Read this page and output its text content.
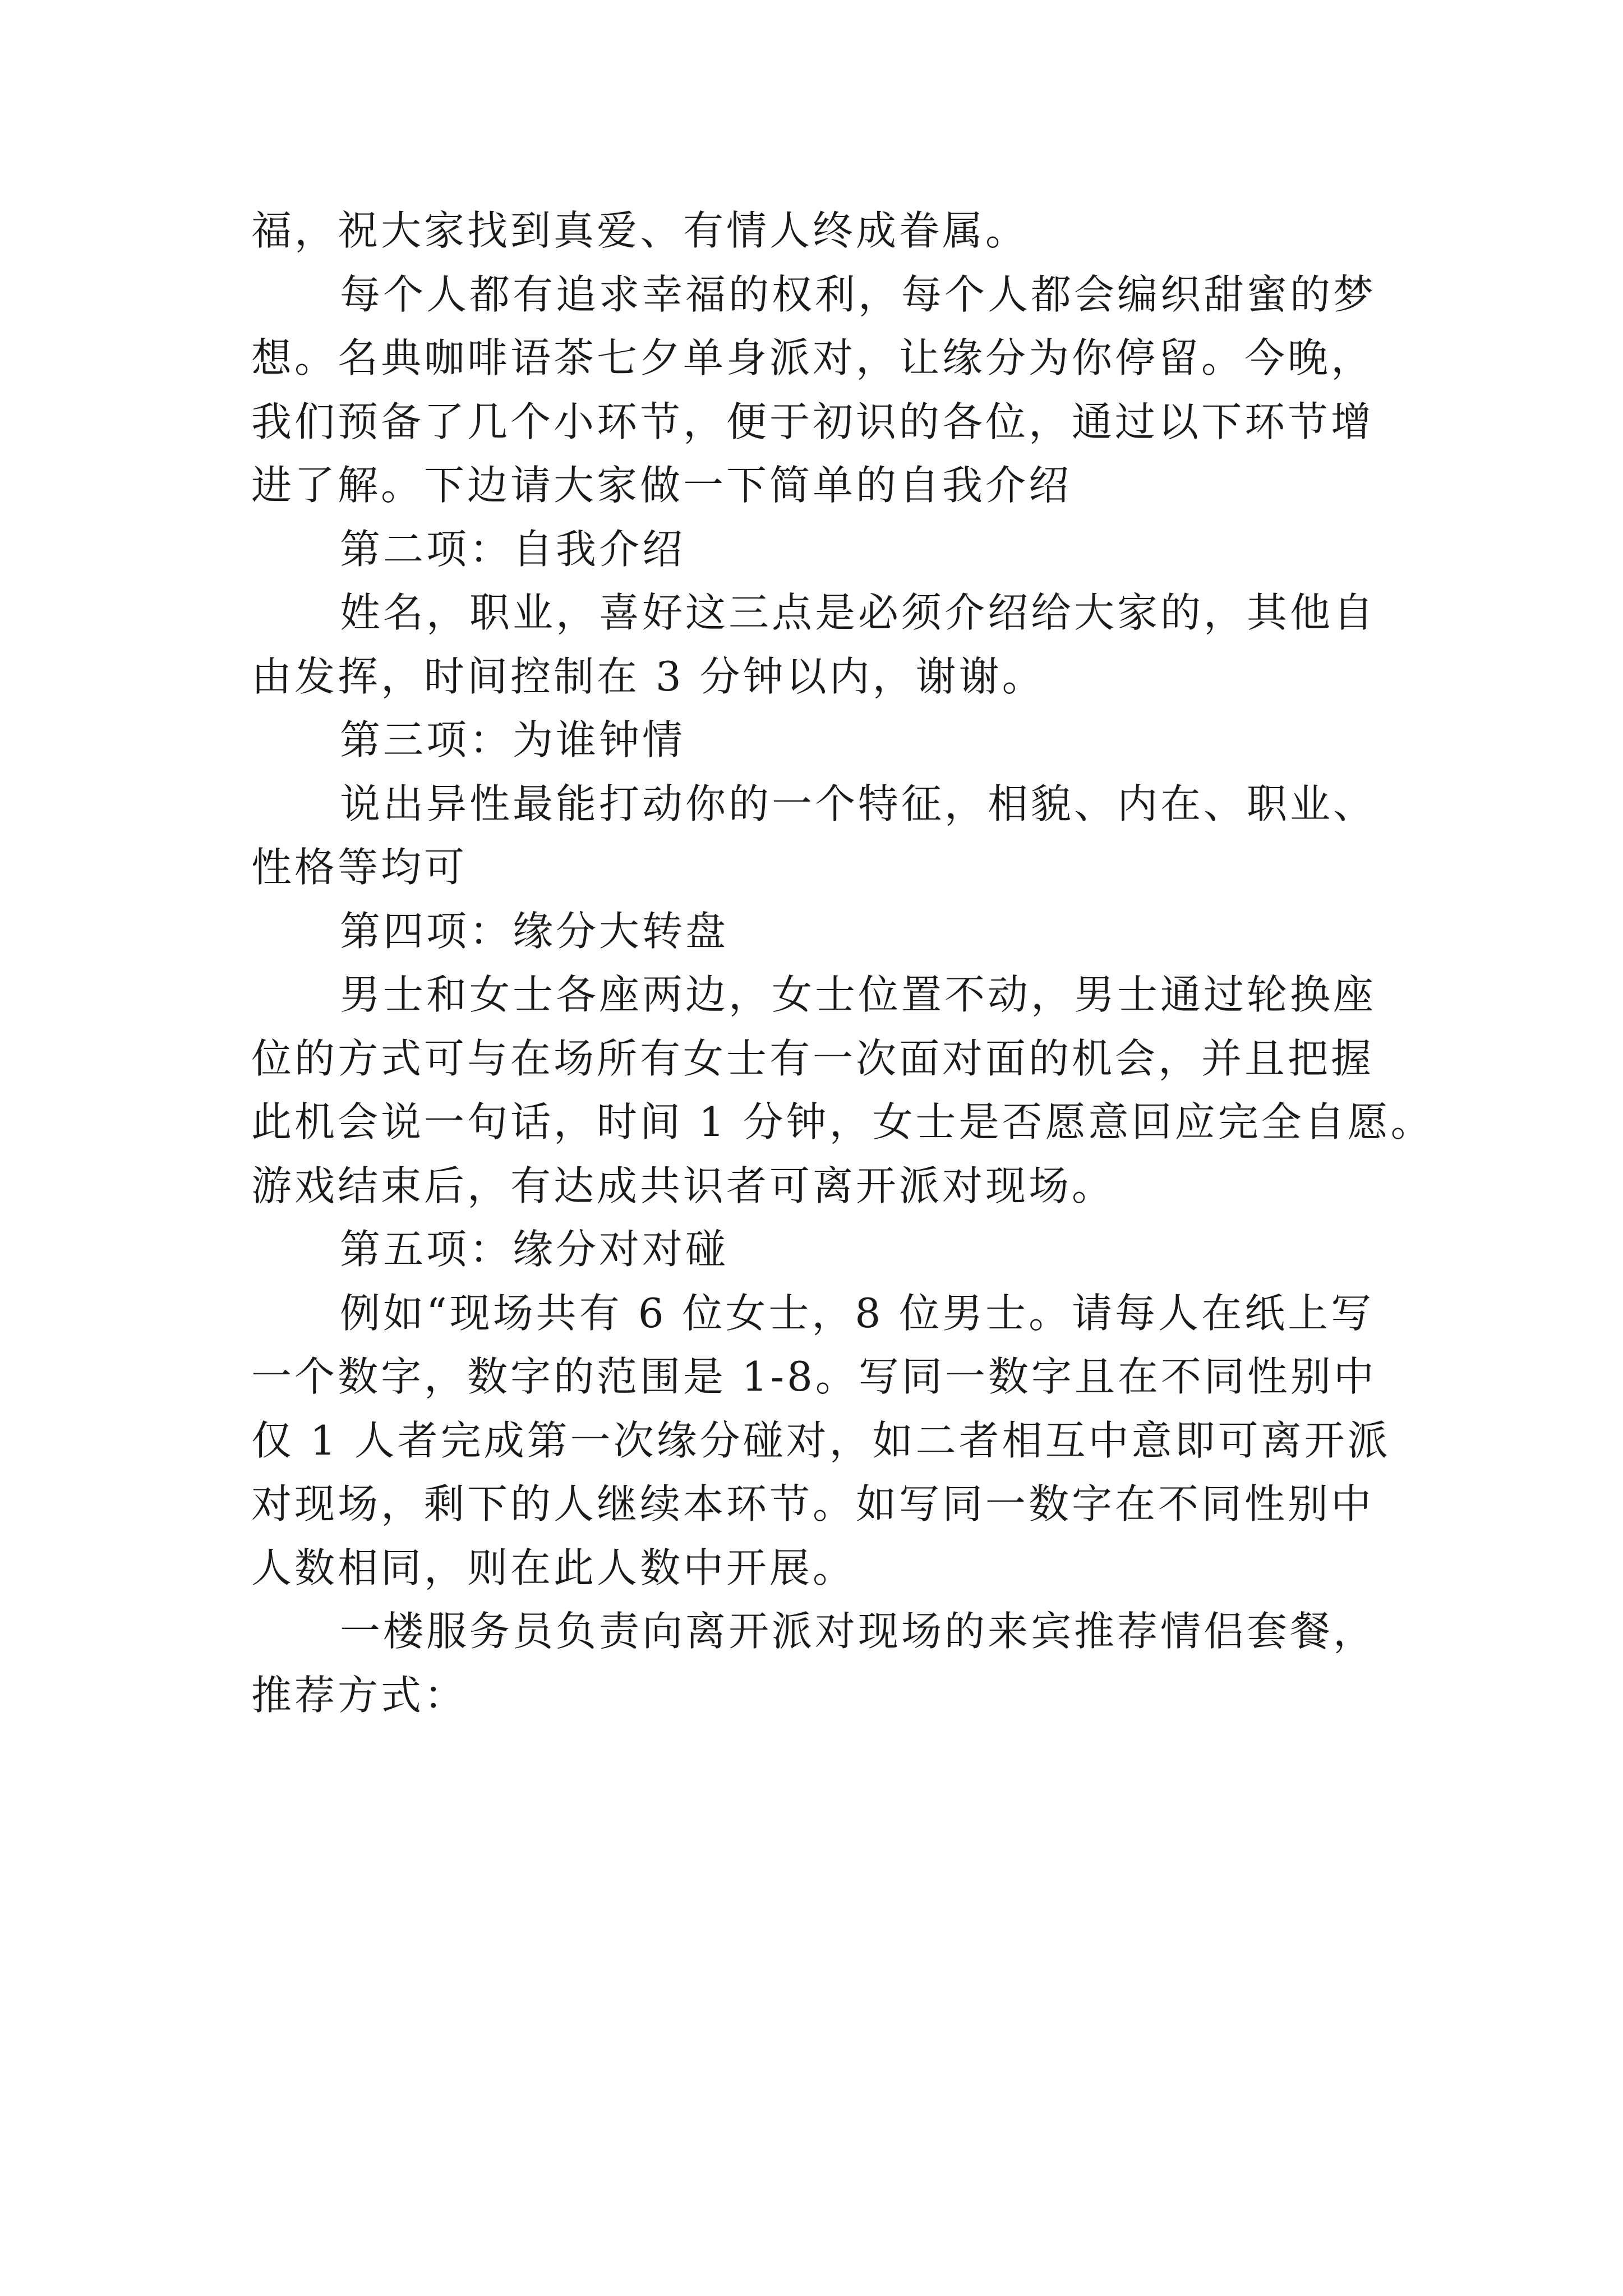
福，祝大家找到真爱、有情人终成眷属。
每个人都有追求幸福的权利，每个人都会编织甜蜜的梦
想。名典咖啡语茶七夕单身派对，让缘分为你停留。今晚，
我们预备了几个小环节，便于初识的各位，通过以下环节增
进了解。下边请大家做一下简单的自我介绍
第二项：自我介绍
姓名，职业，喜好这三点是必须介绍给大家的，其他自
由发挥，时间控制在 3 分钟以内，谢谢。
第三项：为谁钟情
说出异性最能打动你的一个特征，相貌、内在、职业、
性格等均可
第四项：缘分大转盘
男士和女士各座两边，女士位置不动，男士通过轮换座
位的方式可与在场所有女士有一次面对面的机会，并且把握
此机会说一句话，时间 1 分钟，女士是否愿意回应完全自愿。
游戏结束后，有达成共识者可离开派对现场。
第五项：缘分对对碰
例如“现场共有 6 位女士，8 位男士。请每人在纸上写
一个数字，数字的范围是 1-8。写同一数字且在不同性别中
仅 1 人者完成第一次缘分碰对，如二者相互中意即可离开派
对现场，剩下的人继续本环节。如写同一数字在不同性别中
人数相同，则在此人数中开展。
一楼服务员负责向离开派对现场的来宾推荐情侣套餐，
推荐方式：
